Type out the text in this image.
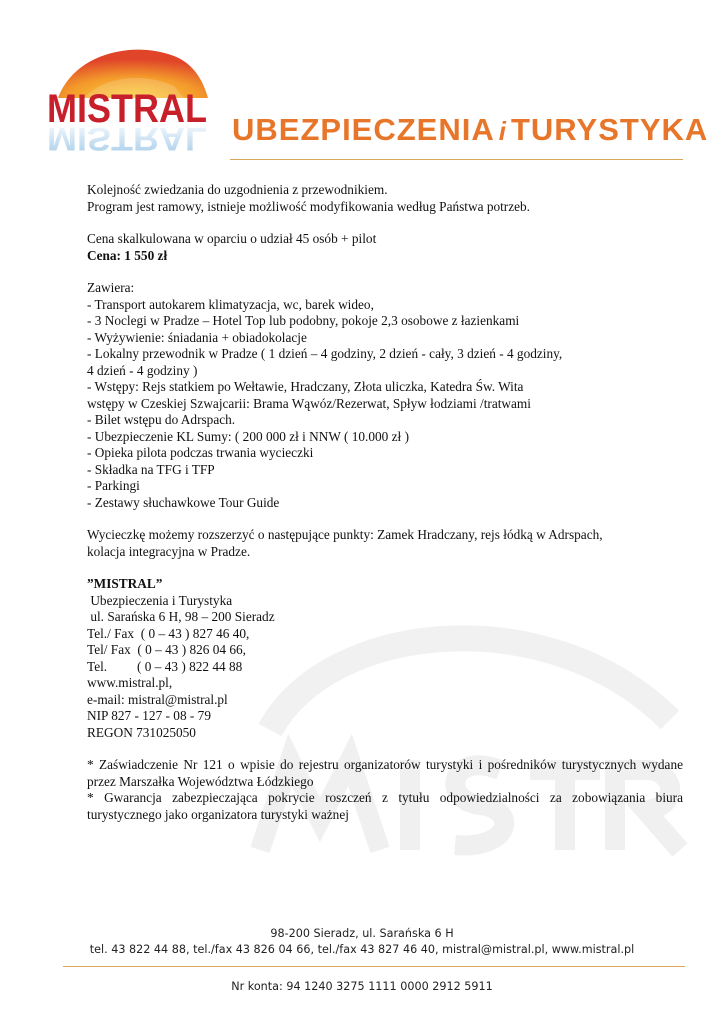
MISTRAL
MISTRAL UBEZPIECZENIA i TURYSTYKA

Kolejność zwiedzania do uzgodnienia z przewodnikiem.

Program jest ramowy, istnieje możliwość modyfikowania według Państwa potrzeb.

Cena skalkulowana w oparciu o udział 45 osób + pilot

Cena: 1 550 zł

Zawiera:

- Transport autokarem klimatyzacja, wc, barek wideo,

- 3 Noclegi w Pradze – Hotel Top lub podobny, pokoje 2,3 osobowe z łazienkami

- Wyżywienie: śniadania + obiadokolacje

- Lokalny przewodnik w Pradze ( 1 dzień – 4 godziny, 2 dzień - cały, 3 dzień - 4 godziny,

4 dzień - 4 godziny )

- Wstępy: Rejs statkiem po Wełtawie, Hradczany, Złota uliczka, Katedra Św. Wita

wstępy w Czeskiej Szwajcarii: Brama Wąwóz/Rezerwat, Spływ łodziami /tratwami

- Bilet wstępu do Adrspach.

- Ubezpieczenie KL Sumy: ( 200 000 zł i NNW ( 10.000 zł )

- Opieka pilota podczas trwania wycieczki

- Składka na TFG i TFP

- Parkingi

- Zestawy słuchawkowe Tour Guide

Wycieczkę możemy rozszerzyć o następujące punkty: Zamek Hradczany, rejs łódką w Adrspach,

kolacja integracyjna w Pradze.

”MISTRAL”

Ubezpieczenia i Turystyka

ul. Sarańska 6 H, 98 – 200 Sieradz

Tel./ Fax  ( 0 – 43 ) 827 46 40,

Tel/ Fax  ( 0 – 43 ) 826 04 66,

Tel.         ( 0 – 43 ) 822 44 88

www.mistral.pl,

e-mail: mistral@mistral.pl

NIP 827 - 127 - 08 - 79

REGON 731025050

* Zaświadczenie Nr 121 o wpisie do rejestru organizatorów turystyki i pośredników turystycznych wydane przez Marszałka Województwa Łódzkiego

* Gwarancja zabezpieczająca pokrycie roszczeń z tytułu odpowiedzialności za zobowiązania biura turystycznego jako organizatora turystyki ważnej

98-200 Sieradz, ul. Sarańska 6 H
tel. 43 822 44 88, tel./fax 43 826 04 66, tel./fax 43 827 46 40, mistral@mistral.pl, www.mistral.pl
Nr konta: 94 1240 3275 1111 0000 2912 5911
